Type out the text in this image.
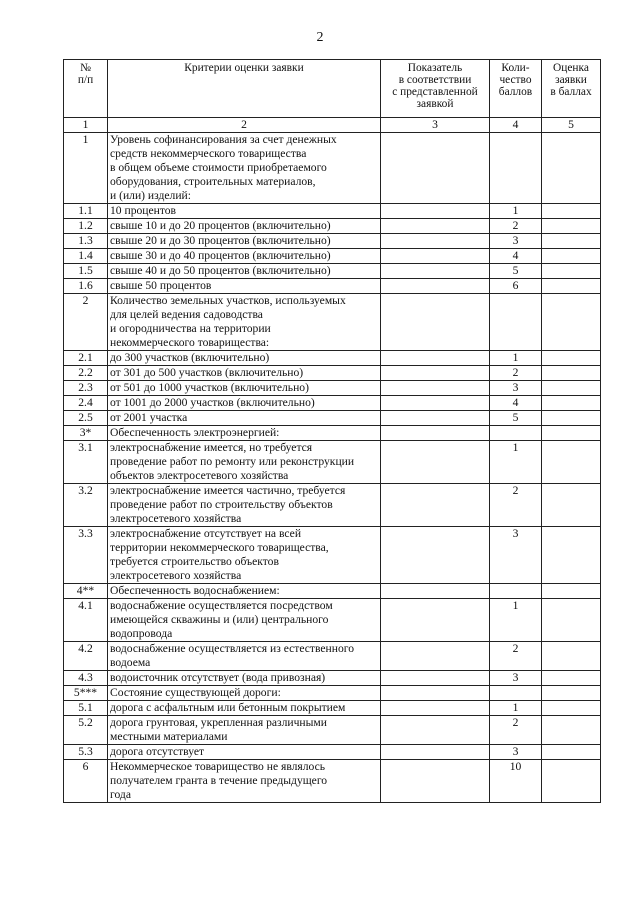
2
№
п/п	Критерии оценки заявки	Показатель
в соответствии
с представленной
заявкой	Коли-
чество
баллов	Оценка
заявки
в баллах
1	2	3	4	5
1	Уровень софинансирования за счет денежных
средств некоммерческого товарищества
в общем объеме стоимости приобретаемого
оборудования, строительных материалов,
и (или) изделий:			
1.1	10 процентов		1	
1.2	свыше 10 и до 20 процентов (включительно)		2	
1.3	свыше 20 и до 30 процентов (включительно)		3	
1.4	свыше 30 и до 40 процентов (включительно)		4	
1.5	свыше 40 и до 50 процентов (включительно)		5	
1.6	свыше 50 процентов		6	
2	Количество земельных участков, используемых
для целей ведения садоводства
и огородничества на территории
некоммерческого товарищества:			
2.1	до 300 участков (включительно)		1	
2.2	от 301 до 500 участков (включительно)		2	
2.3	от 501 до 1000 участков (включительно)		3	
2.4	от 1001 до 2000 участков (включительно)		4	
2.5	от 2001 участка		5	
3*	Обеспеченность электроэнергией:			
3.1	электроснабжение имеется, но требуется
проведение работ по ремонту или реконструкции
объектов электросетевого хозяйства		1	
3.2	электроснабжение имеется частично, требуется
проведение работ по строительству объектов
электросетевого хозяйства		2	
3.3	электроснабжение отсутствует на всей
территории некоммерческого товарищества,
требуется строительство объектов
электросетевого хозяйства		3	
4**	Обеспеченность водоснабжением:			
4.1	водоснабжение осуществляется посредством
имеющейся скважины и (или) центрального
водопровода		1	
4.2	водоснабжение осуществляется из естественного
водоема		2	
4.3	водоисточник отсутствует (вода привозная)		3	
5***	Состояние существующей дороги:			
5.1	дорога с асфальтным или бетонным покрытием		1	
5.2	дорога грунтовая, укрепленная различными
местными материалами		2	
5.3	дорога отсутствует		3	
6	Некоммерческое товарищество не являлось
получателем гранта в течение предыдущего
года		10	
